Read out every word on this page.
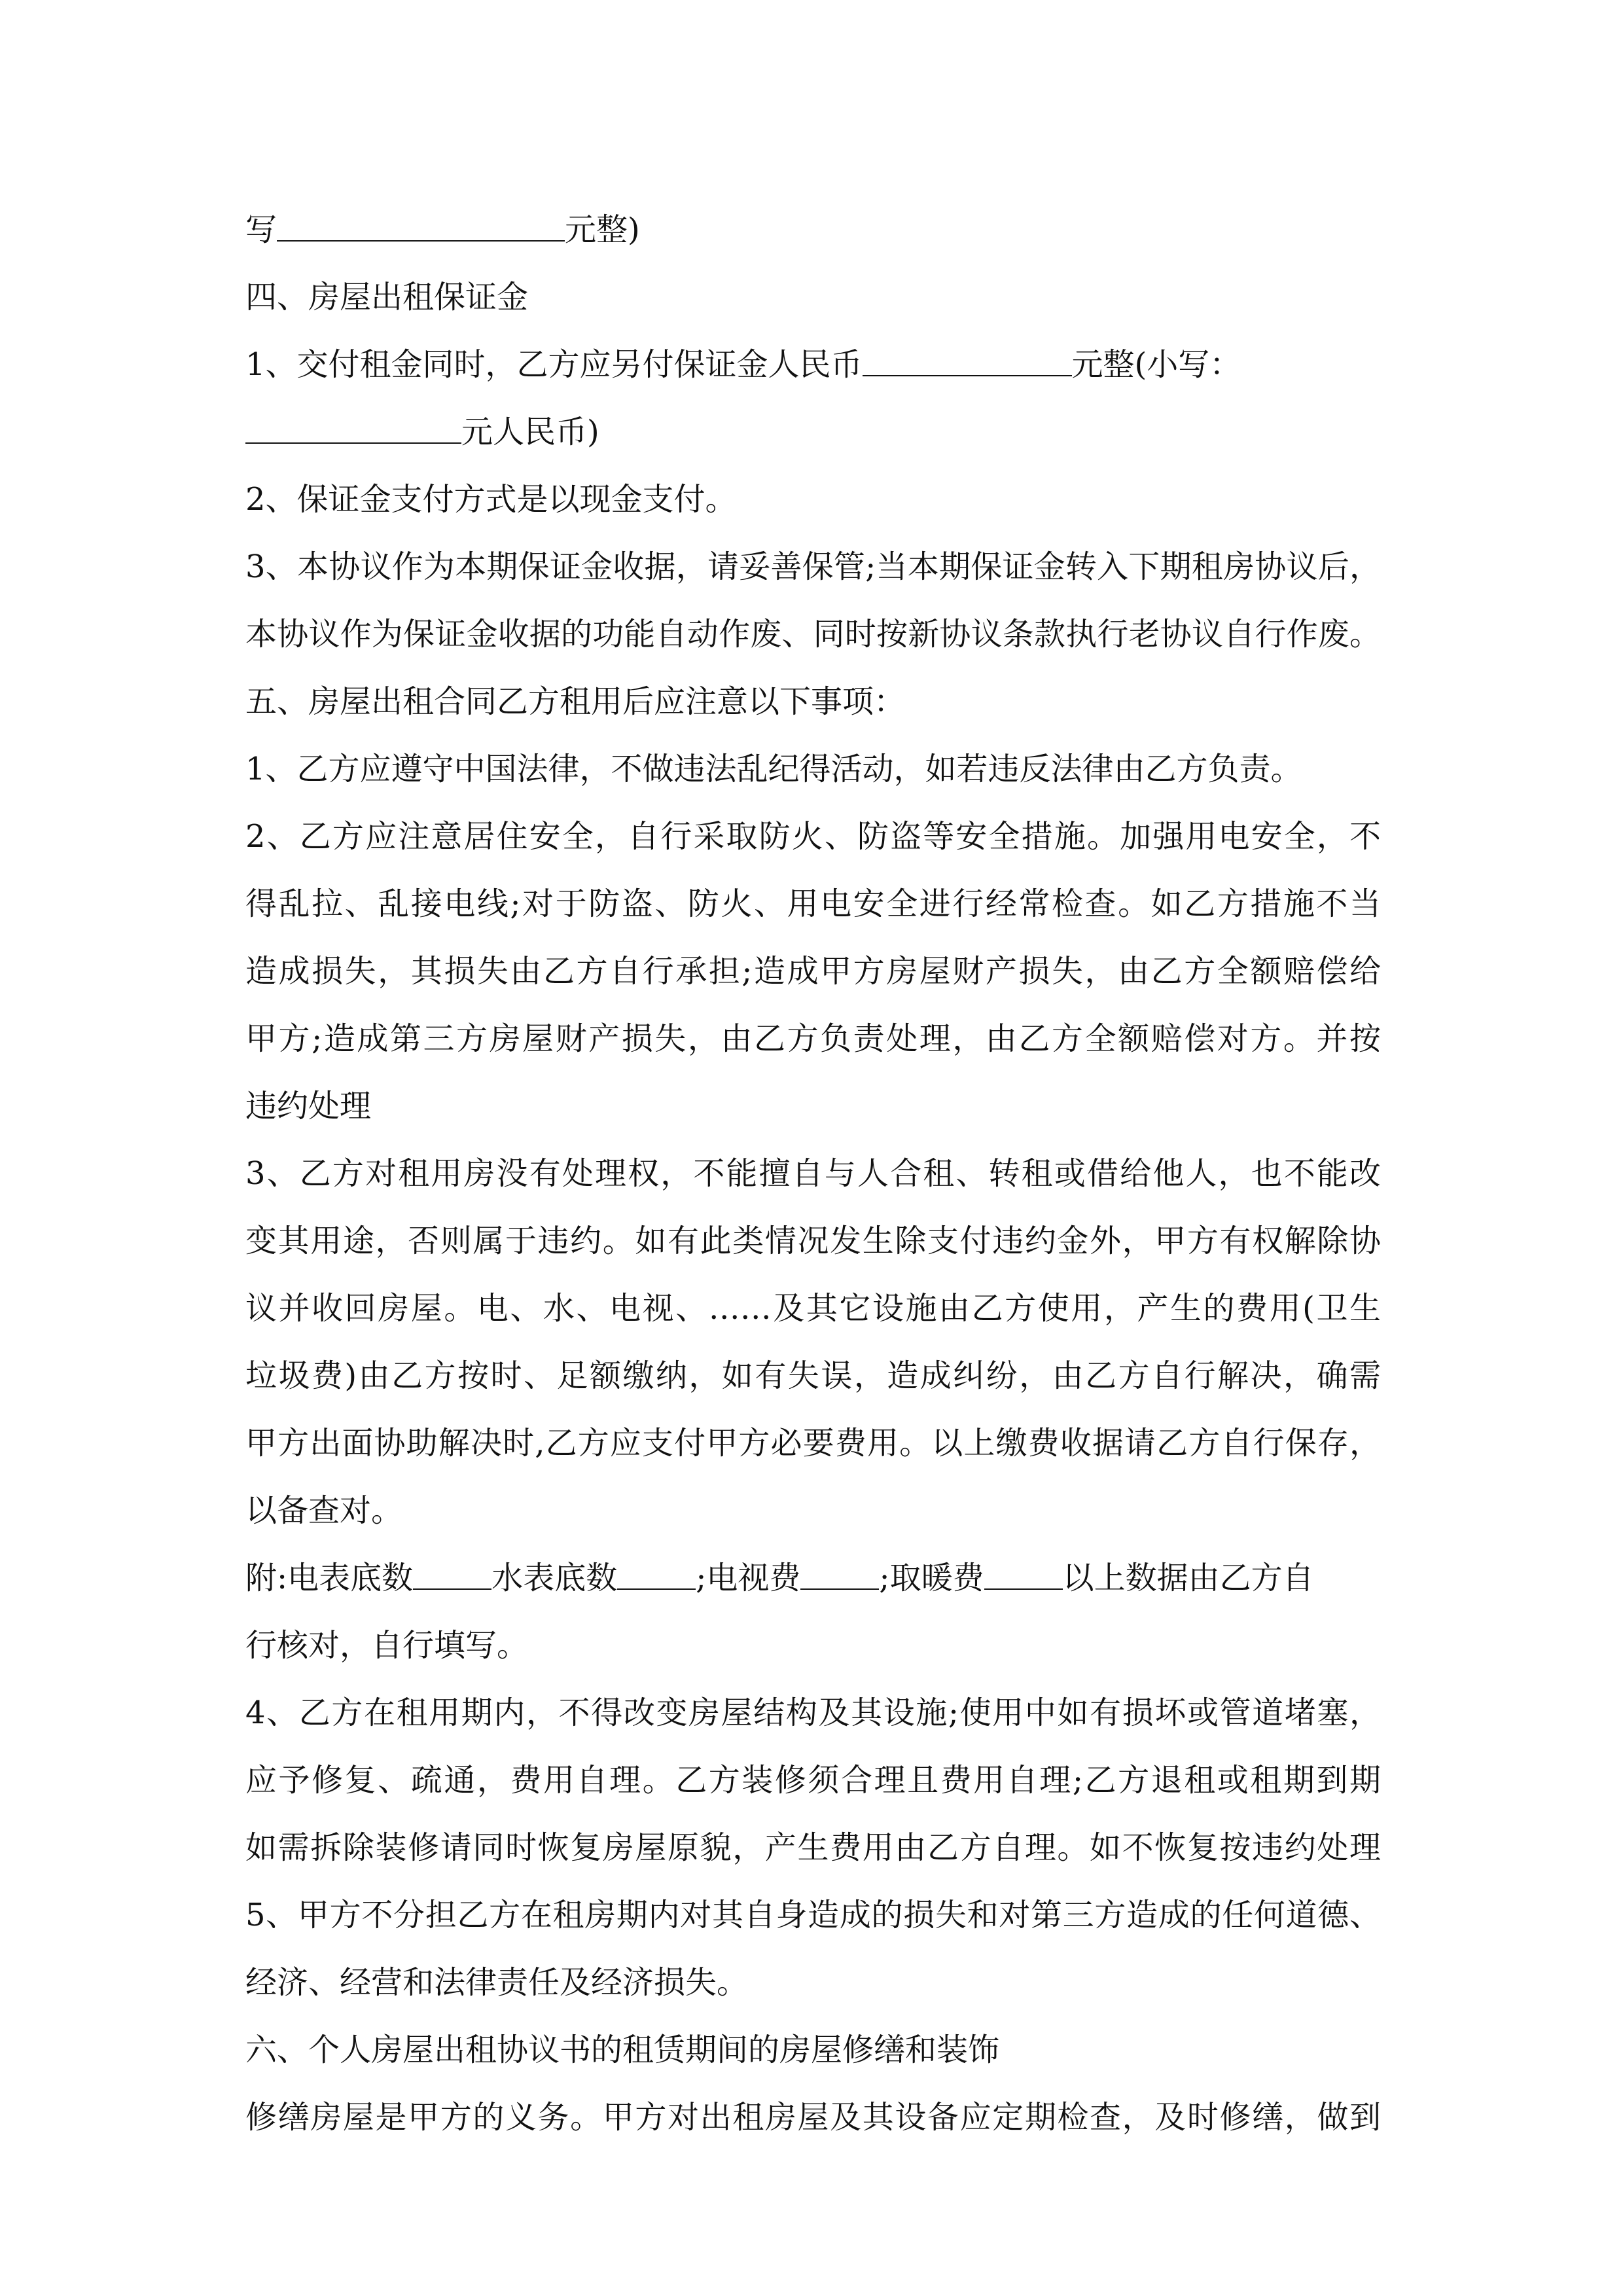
写	元整)
四、房屋出租保证金
1、交付租金同时，乙方应另付保证金人民币	元整(小写：
元人民币)
2、保证金支付方式是以现金支付。
3、本协议作为本期保证金收据，请妥善保管;当本期保证金转入下期租房协议后，
本协议作为保证金收据的功能自动作废、同时按新协议条款执行老协议自行作废。
五、房屋出租合同乙方租用后应注意以下事项：
1、乙方应遵守中国法律，不做违法乱纪得活动，如若违反法律由乙方负责。
2、乙方应注意居住安全，自行采取防火、防盗等安全措施。加强用电安全，不
得乱拉、乱接电线;对于防盗、防火、用电安全进行经常检查。如乙方措施不当
造成损失，其损失由乙方自行承担;造成甲方房屋财产损失，由乙方全额赔偿给
甲方;造成第三方房屋财产损失，由乙方负责处理，由乙方全额赔偿对方。并按
违约处理
3、乙方对租用房没有处理权，不能擅自与人合租、转租或借给他人，也不能改
变其用途，否则属于违约。如有此类情况发生除支付违约金外，甲方有权解除协
议并收回房屋。电、水、电视、……及其它设施由乙方使用，产生的费用(卫生
垃圾费)由乙方按时、足额缴纳，如有失误，造成纠纷，由乙方自行解决，确需
甲方出面协助解决时,乙方应支付甲方必要费用。以上缴费收据请乙方自行保存，
以备查对。
附:电表底数	水表底数	;电视费	;取暖费	以上数据由乙方自
行核对，自行填写。
4、乙方在租用期内，不得改变房屋结构及其设施;使用中如有损坏或管道堵塞，
应予修复、疏通，费用自理。乙方装修须合理且费用自理;乙方退租或租期到期
如需拆除装修请同时恢复房屋原貌，产生费用由乙方自理。如不恢复按违约处理
5、甲方不分担乙方在租房期内对其自身造成的损失和对第三方造成的任何道德、
经济、经营和法律责任及经济损失。
六、个人房屋出租协议书的租赁期间的房屋修缮和装饰
修缮房屋是甲方的义务。甲方对出租房屋及其设备应定期检查，及时修缮，做到
